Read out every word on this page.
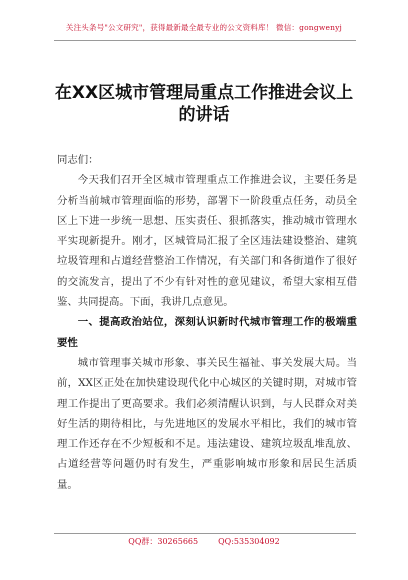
关注头条号"公文研究"，获得最新最全最专业的公文资料库！ 微信：gongwenyj
在XX区城市管理局重点工作推进会议上
的讲话

同志们：

今天我们召开全区城市管理重点工作推进会议，主要任务是分析当前城市管理面临的形势，部署下一阶段重点任务，动员全区上下进一步统一思想、压实责任、狠抓落实，推动城市管理水平实现新提升。刚才，区城管局汇报了全区违法建设整治、建筑垃圾管理和占道经营整治工作情况，有关部门和各街道作了很好的交流发言，提出了不少有针对性的意见建议，希望大家相互借鉴、共同提高。下面，我讲几点意见。

一、提高政治站位，深刻认识新时代城市管理工作的极端重要性

城市管理事关城市形象、事关民生福祉、事关发展大局。当前，XX区正处在加快建设现代化中心城区的关键时期，对城市管理工作提出了更高要求。我们必须清醒认识到，与人民群众对美好生活的期待相比，与先进地区的发展水平相比，我们的城市管理工作还存在不少短板和不足。违法建设、建筑垃圾乱堆乱放、占道经营等问题仍时有发生，严重影响城市形象和居民生活质量。

QQ群：30265665	QQ:535304092
